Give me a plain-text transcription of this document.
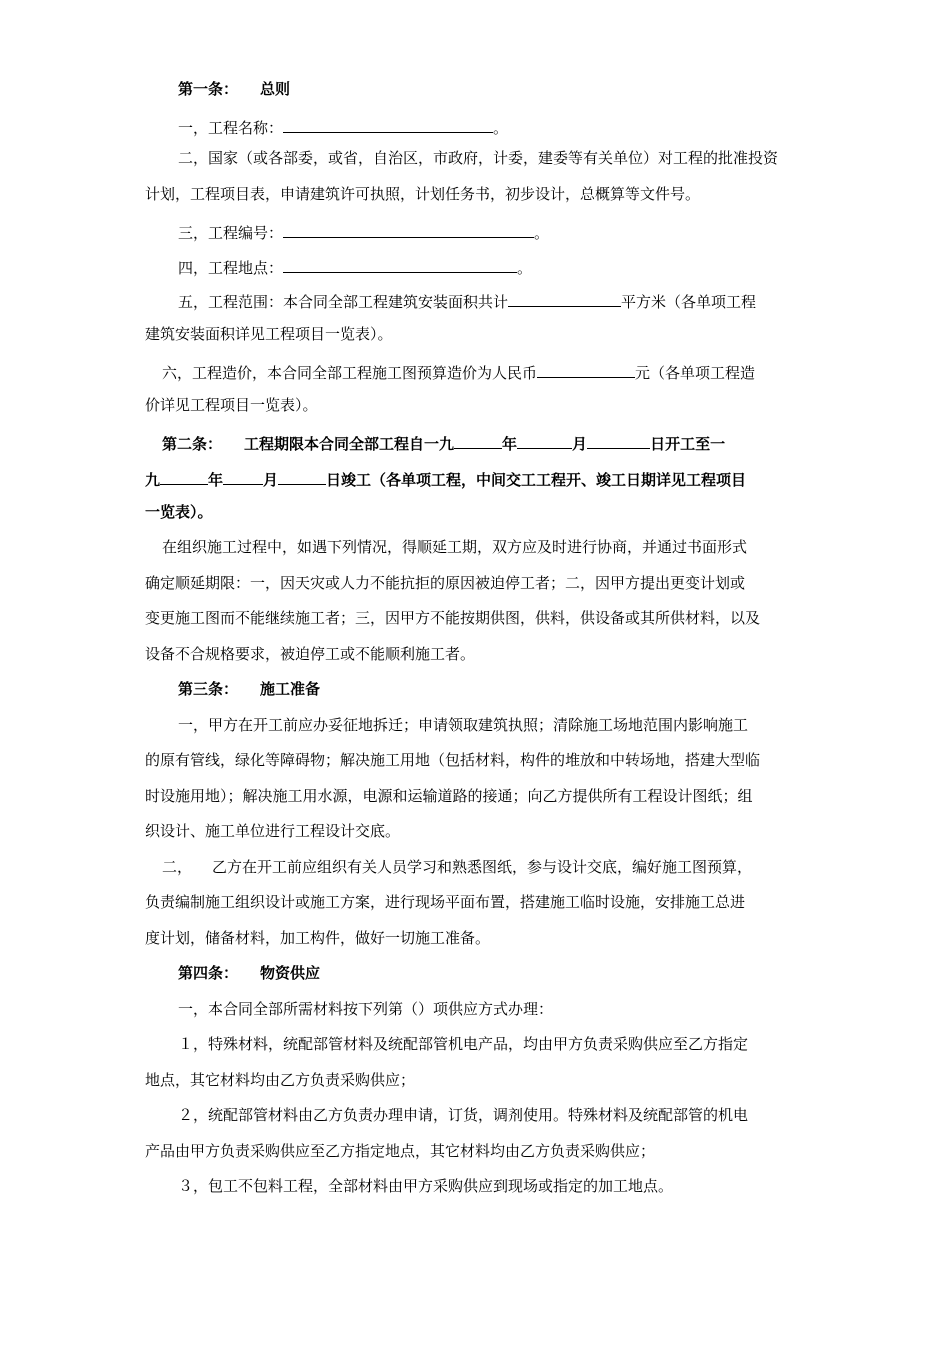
第一条： 总则
一，工程名称：	。
二，国家（或各部委，或省，自治区，市政府，计委，建委等有关单位）对工程的批准投资
计划，工程项目表，申请建筑许可执照，计划任务书，初步设计，总概算等文件号。
三，工程编号：	。
四，工程地点：	。
五，工程范围：本合同全部工程建筑安装面积共计	平方米（各单项工程
建筑安装面积详见工程项目一览表）。
六，工程造价，本合同全部工程施工图预算造价为人民币	元（各单项工程造
价详见工程项目一览表）。
第二条： 工程期限本合同全部工程自一九	年	月	日开工至一
九	年	月	日竣工（各单项工程，中间交工工程开、竣工日期详见工程项目
一览表）。
在组织施工过程中，如遇下列情况，得顺延工期，双方应及时进行协商，并通过书面形式
确定顺延期限：一，因天灾或人力不能抗拒的原因被迫停工者；二，因甲方提出更变计划或
变更施工图而不能继续施工者；三，因甲方不能按期供图，供料，供设备或其所供材料，以及
设备不合规格要求，被迫停工或不能顺利施工者。
第三条： 施工准备
一，甲方在开工前应办妥征地拆迁；申请领取建筑执照；清除施工场地范围内影响施工
的原有管线，绿化等障碍物；解决施工用地（包括材料，构件的堆放和中转场地，搭建大型临
时设施用地）；解决施工用水源，电源和运输道路的接通；向乙方提供所有工程设计图纸；组
织设计、施工单位进行工程设计交底。
二， 乙方在开工前应组织有关人员学习和熟悉图纸，参与设计交底，编好施工图预算，
负责编制施工组织设计或施工方案，进行现场平面布置，搭建施工临时设施，安排施工总进
度计划，储备材料，加工构件，做好一切施工准备。
第四条： 物资供应
一，本合同全部所需材料按下列第（）项供应方式办理：
１，特殊材料，统配部管材料及统配部管机电产品，均由甲方负责采购供应至乙方指定
地点，其它材料均由乙方负责采购供应；
２，统配部管材料由乙方负责办理申请，订货，调剂使用。特殊材料及统配部管的机电
产品由甲方负责采购供应至乙方指定地点，其它材料均由乙方负责采购供应；
３，包工不包料工程，全部材料由甲方采购供应到现场或指定的加工地点。
